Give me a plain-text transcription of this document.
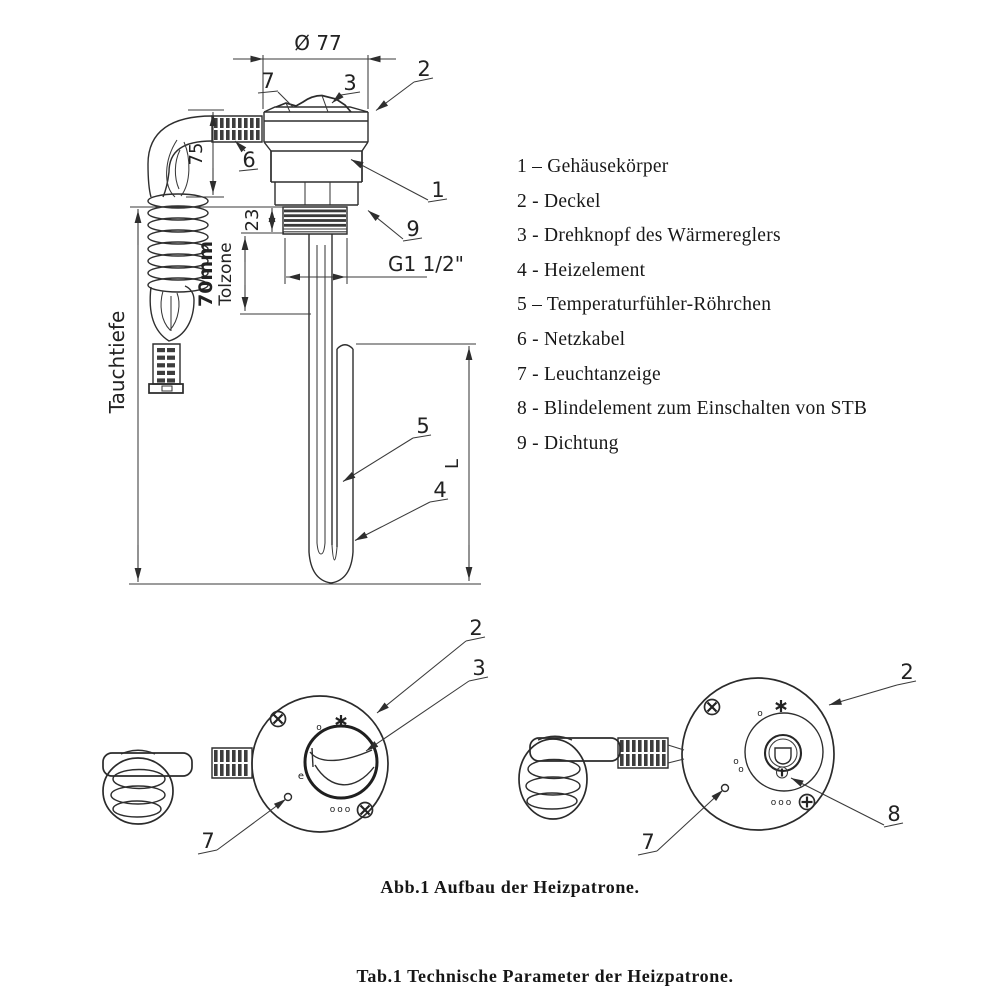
Ø 77
75
23
70mm Tolzone
Tauchtiefe
G1 1/2"
L
7	3
2
6
1
9
5
4
o
e
ooo
2
3
7
o
o
o
ooo
2
8
7
Abb.1 Aufbau der Heizpatrone.
Tab.1 Technische Parameter der Heizpatrone.
1 – Gehäusekörper
2 - Deckel
3 - Drehknopf des Wärmereglers
4 - Heizelement
5 – Temperaturfühler-Röhrchen
6 - Netzkabel
7 - Leuchtanzeige
8 - Blindelement zum Einschalten von STB
9 - Dichtung
